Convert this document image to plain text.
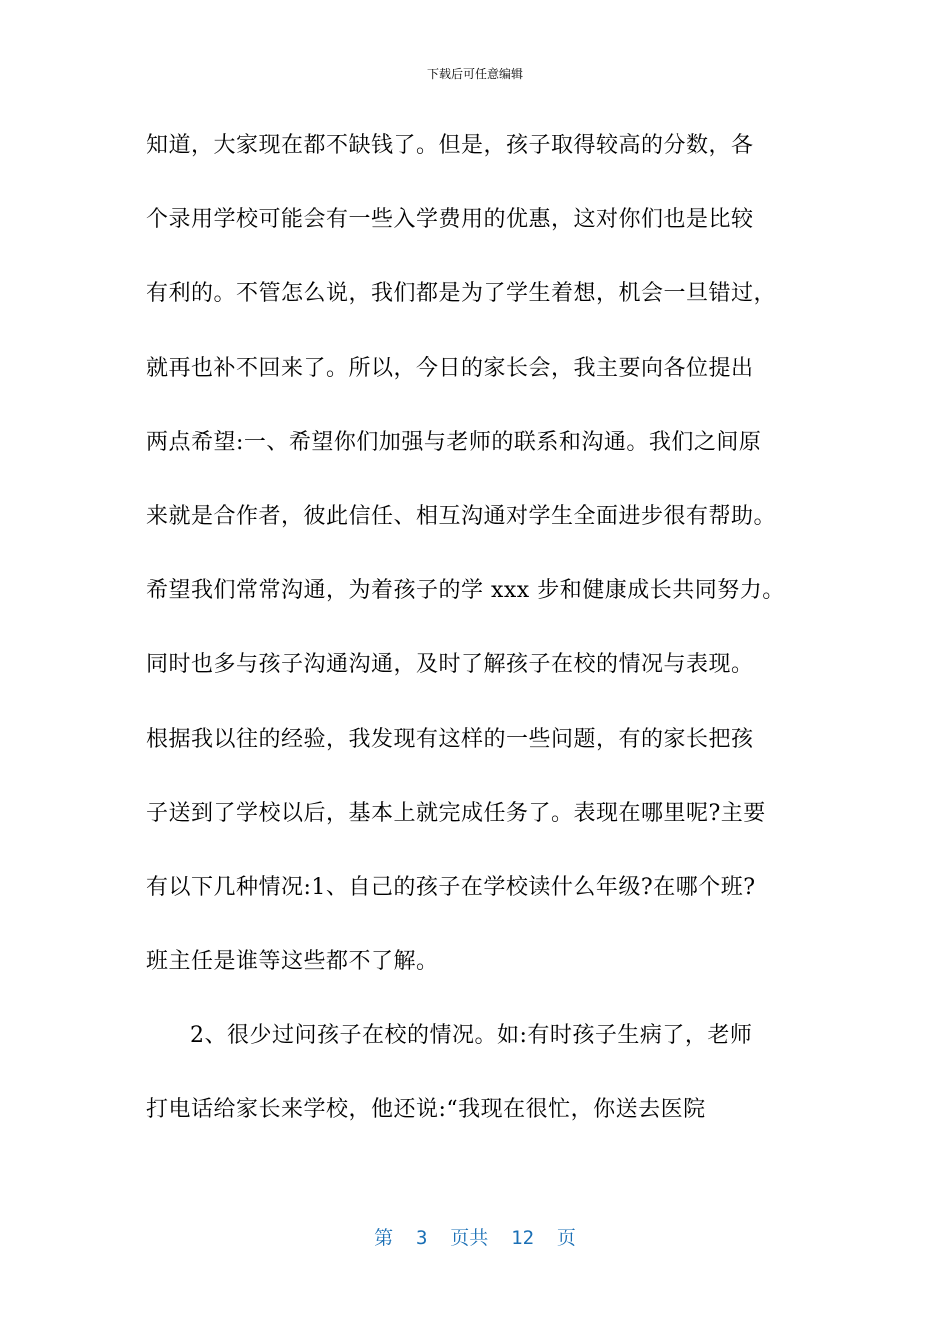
下载后可任意编辑
知道，大家现在都不缺钱了。但是，孩子取得较高的分数，各
个录用学校可能会有一些入学费用的优惠，这对你们也是比较
有利的。不管怎么说，我们都是为了学生着想，机会一旦错过，
就再也补不回来了。所以，今日的家长会，我主要向各位提出
两点希望:一、希望你们加强与老师的联系和沟通。我们之间原
来就是合作者，彼此信任、相互沟通对学生全面进步很有帮助。
希望我们常常沟通，为着孩子的学 xxx 步和健康成长共同努力。
同时也多与孩子沟通沟通，及时了解孩子在校的情况与表现。
根据我以往的经验，我发现有这样的一些问题，有的家长把孩
子送到了学校以后，基本上就完成任务了。表现在哪里呢?主要
有以下几种情况:1、自己的孩子在学校读什么年级?在哪个班?
班主任是谁等这些都不了解。
2、很少过问孩子在校的情况。如:有时孩子生病了，老师
打电话给家长来学校，他还说:“我现在很忙，你送去医院
第  3  页共  12  页
